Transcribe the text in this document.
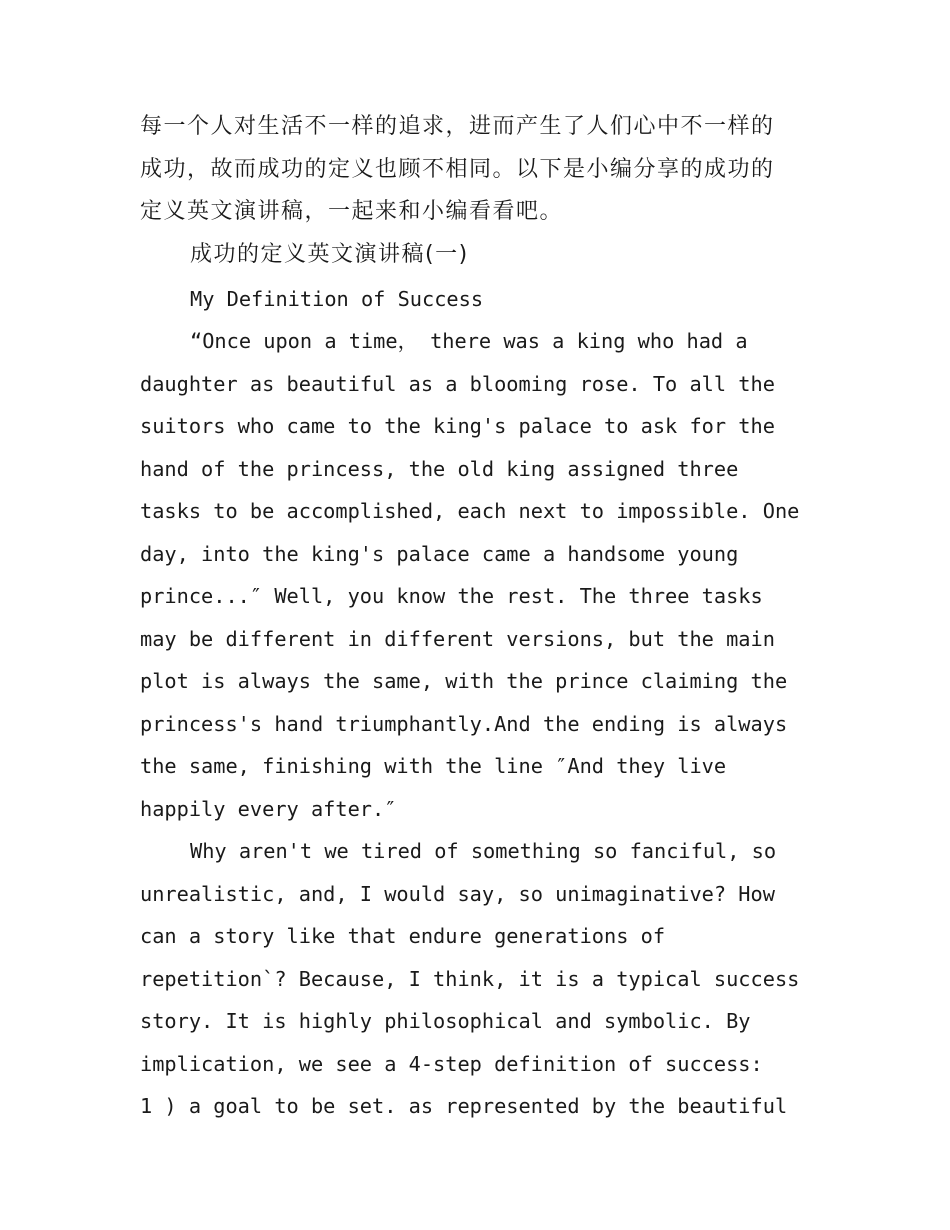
每一个人对生活不一样的追求，进而产生了人们心中不一样的

成功，故而成功的定义也顾不相同。以下是小编分享的成功的

定义英文演讲稿，一起来和小编看看吧。

成功的定义英文演讲稿(一)

My Definition of Success

“Once upon a time， there was a king who had a

daughter as beautiful as a blooming rose. To all the

suitors who came to the king's palace to ask for the

hand of the princess, the old king assigned three

tasks to be accomplished, each next to impossible. One

day, into the king's palace came a handsome young

prince...″ Well, you know the rest. The three tasks

may be different in different versions, but the main

plot is always the same, with the prince claiming the

princess's hand triumphantly.And the ending is always

the same, finishing with the line ″And they live

happily every after.″

Why aren't we tired of something so fanciful, so

unrealistic, and, I would say, so unimaginative? How

can a story like that endure generations of

repetition`? Because, I think, it is a typical success

story. It is highly philosophical and symbolic. By

implication, we see a 4-step definition of success:

1 ) a goal to be set. as represented by the beautiful
